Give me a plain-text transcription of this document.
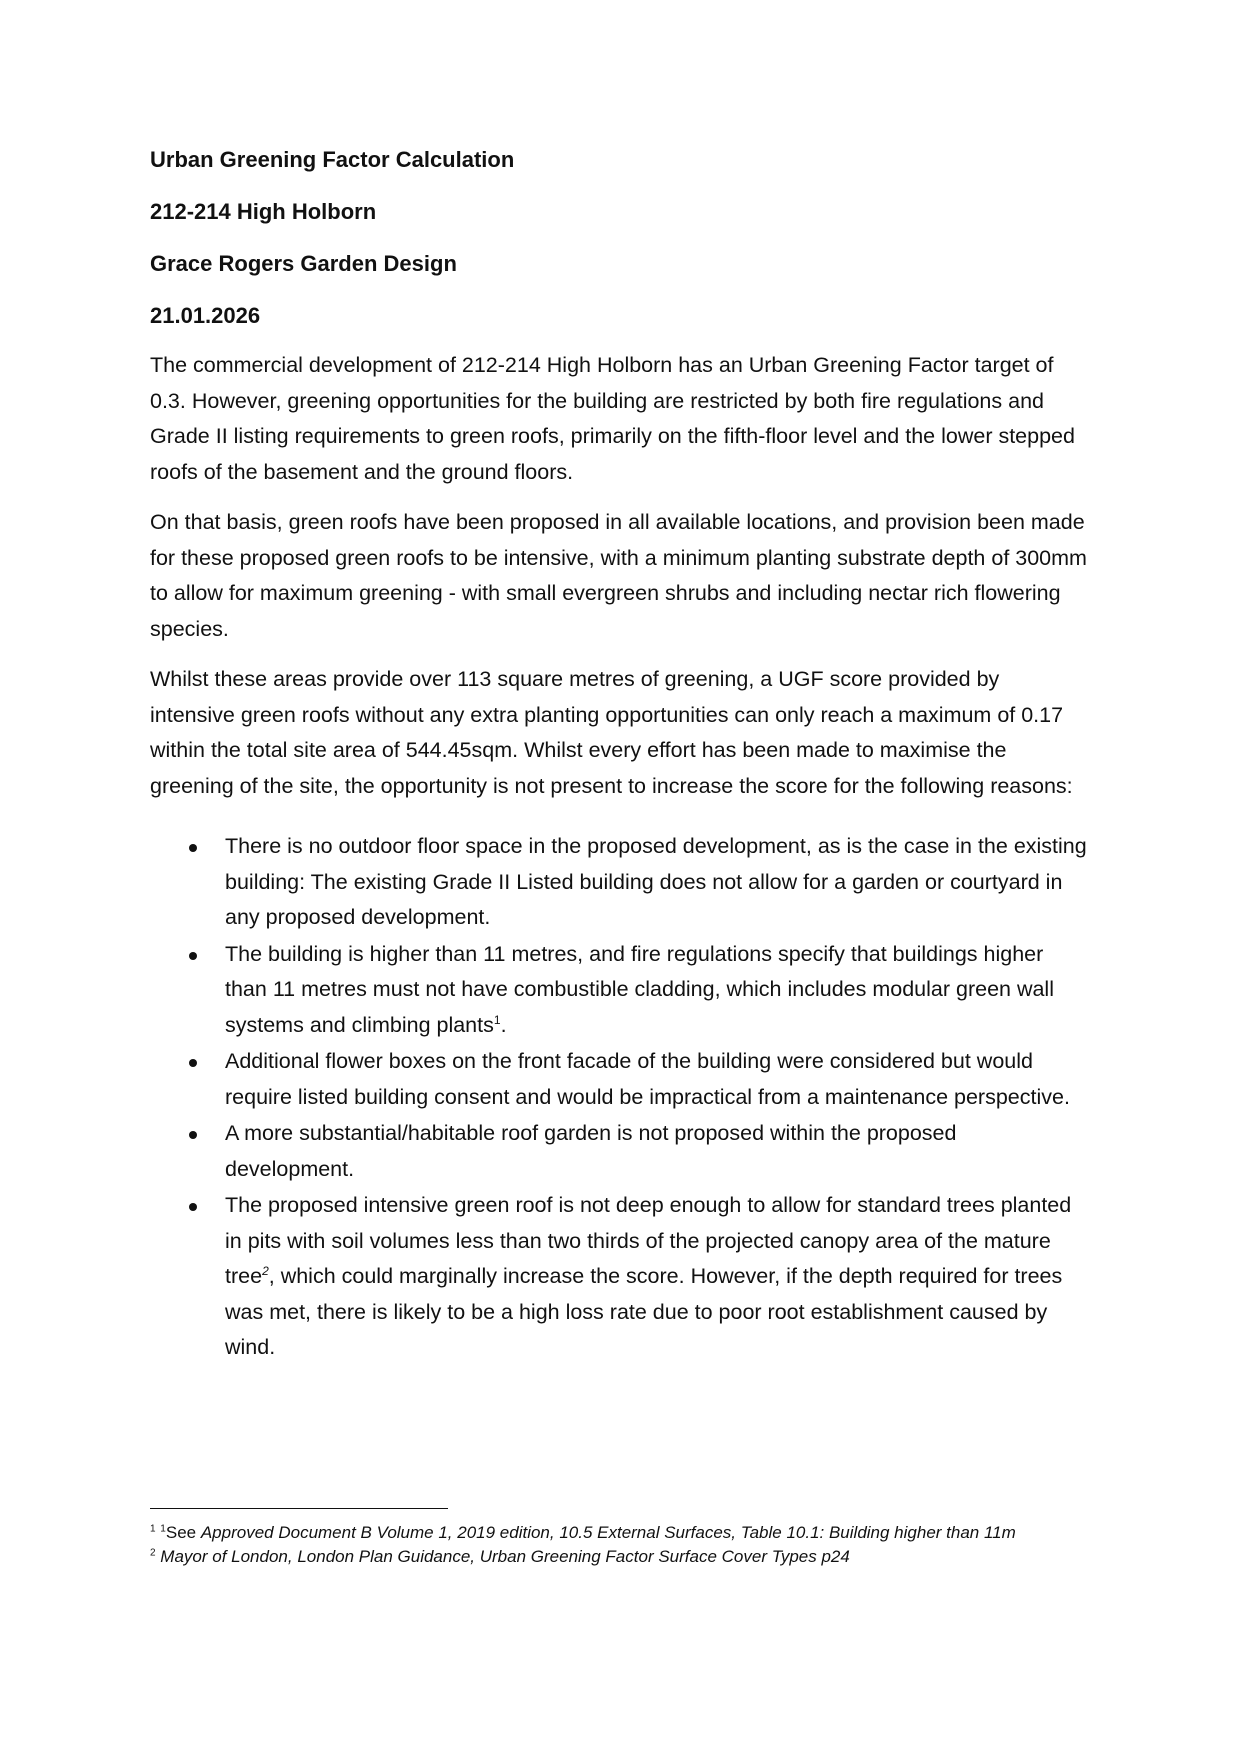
Urban Greening Factor Calculation

212-214 High Holborn

Grace Rogers Garden Design

21.01.2026

The commercial development of 212-214 High Holborn has an Urban Greening Factor target of 0.3. However, greening opportunities for the building are restricted by both fire regulations and Grade II listing requirements to green roofs, primarily on the fifth-floor level and the lower stepped roofs of the basement and the ground floors.

On that basis, green roofs have been proposed in all available locations, and provision been made for these proposed green roofs to be intensive, with a minimum planting substrate depth of 300mm to allow for maximum greening - with small evergreen shrubs and including nectar rich flowering species.

Whilst these areas provide over 113 square metres of greening, a UGF score provided by intensive green roofs without any extra planting opportunities can only reach a maximum of 0.17 within the total site area of 544.45sqm. Whilst every effort has been made to maximise the greening of the site, the opportunity is not present to increase the score for the following reasons:

There is no outdoor floor space in the proposed development, as is the case in the existing building: The existing Grade II Listed building does not allow for a garden or courtyard in any proposed development.
The building is higher than 11 metres, and fire regulations specify that buildings higher than 11 metres must not have combustible cladding, which includes modular green wall systems and climbing plants$^1$.
Additional flower boxes on the front facade of the building were considered but would require listed building consent and would be impractical from a maintenance perspective.
A more substantial/habitable roof garden is not proposed within the proposed development.
The proposed intensive green roof is not deep enough to allow for standard trees planted in pits with soil volumes less than two thirds of the projected canopy area of the mature tree$^2$, which could marginally increase the score. However, if the depth required for trees was met, there is likely to be a high loss rate due to poor root establishment caused by wind.

$^1$ $^1$See Approved Document B Volume 1, 2019 edition, 10.5 External Surfaces, Table 10.1: Building higher than 11m

$^2$ Mayor of London, London Plan Guidance, Urban Greening Factor Surface Cover Types p24
